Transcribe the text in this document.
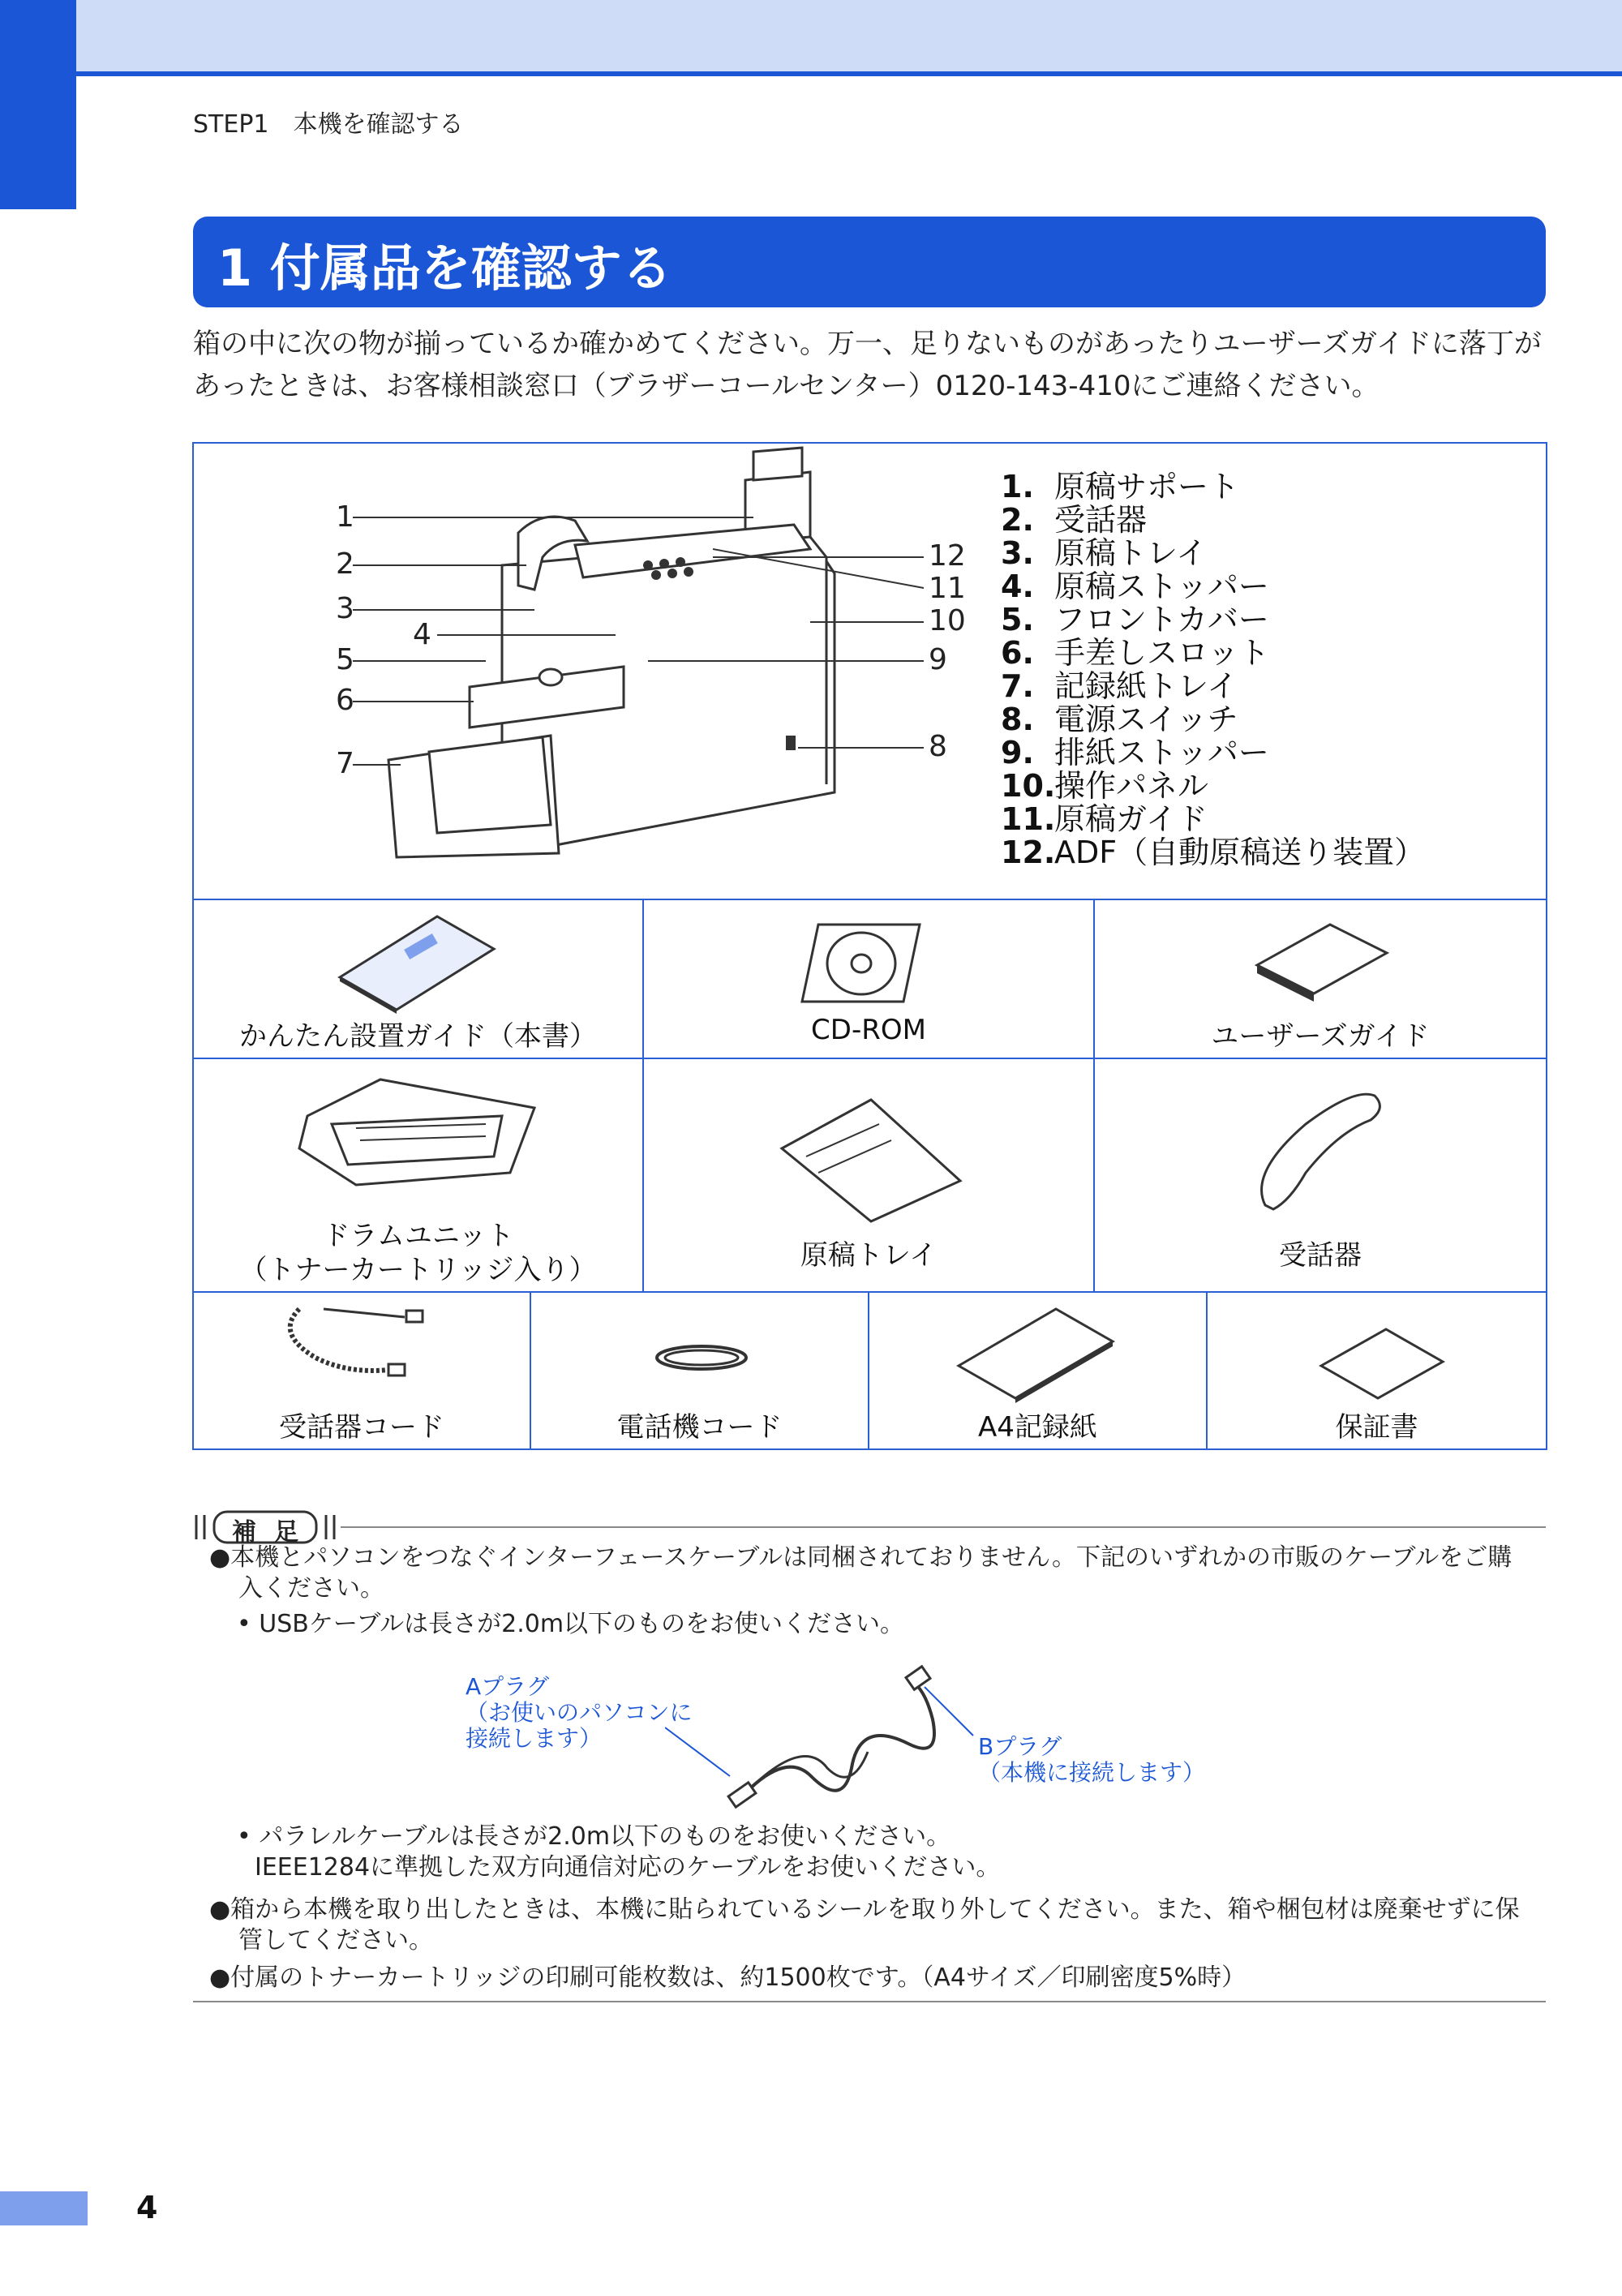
STEP1　本機を確認する
1 付属品を確認する
箱の中に次の物が揃っているか確かめてください。万一、足りないものがあったりユーザーズガイドに落丁が
あったときは、お客様相談窓口（ブラザーコールセンター）0120-143-410にご連絡ください。
1
2
3
4
5
6
7
8
9
10
11
12
1. 原稿サポート
2. 受話器
3. 原稿トレイ
4. 原稿ストッパー
5. フロントカバー
6. 手差しスロット
7. 記録紙トレイ
8. 電源スイッチ
9. 排紙ストッパー
10.操作パネル
11.原稿ガイド
12.ADF（自動原稿送り装置）
かんたん設置ガイド（本書）	CD-ROM	ユーザーズガイド
ドラムユニット
（トナーカートリッジ入り）	原稿トレイ	受話器
受話器コード	電話機コード	A4記録紙	保証書
補足
●本機とパソコンをつなぐインターフェースケーブルは同梱されておりません。下記のいずれかの市販のケーブルをご購
入ください。
• USBケーブルは長さが2.0m以下のものをお使いください。
Aプラグ
（お使いのパソコンに
接続します）	Bプラグ
（本機に接続します）
• パラレルケーブルは長さが2.0m以下のものをお使いください。
IEEE1284に準拠した双方向通信対応のケーブルをお使いください。
●箱から本機を取り出したときは、本機に貼られているシールを取り外してください。また、箱や梱包材は廃棄せずに保
管してください。
●付属のトナーカートリッジの印刷可能枚数は、約1500枚です。（A4サイズ／印刷密度5%時）
4
